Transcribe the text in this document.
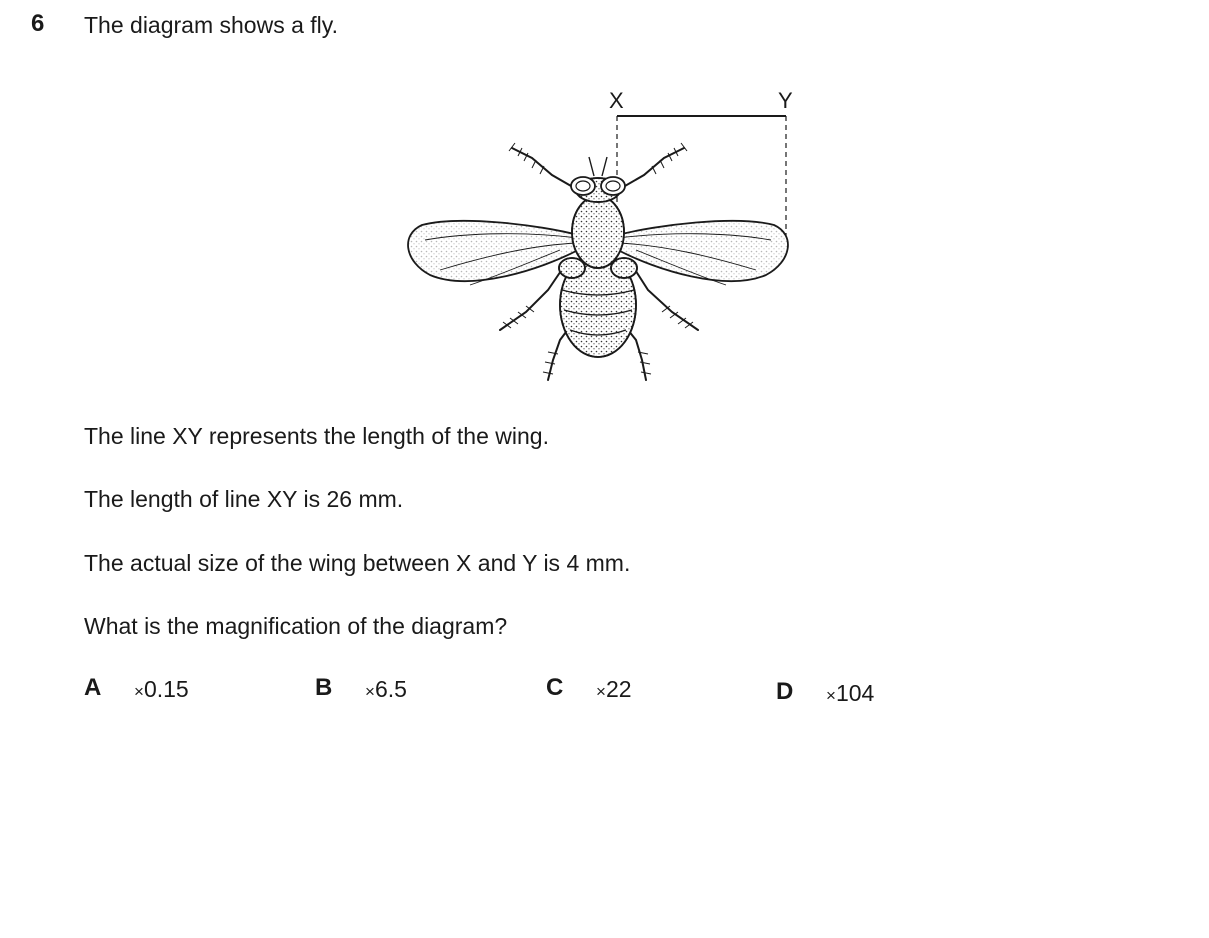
6 The diagram shows a fly.
X	Y
The line XY represents the length of the wing.
The length of line XY is 26 mm.
The actual size of the wing between X and Y is 4 mm.
What is the magnification of the diagram?
A ×0.15	B ×6.5	C ×22	D ×104
